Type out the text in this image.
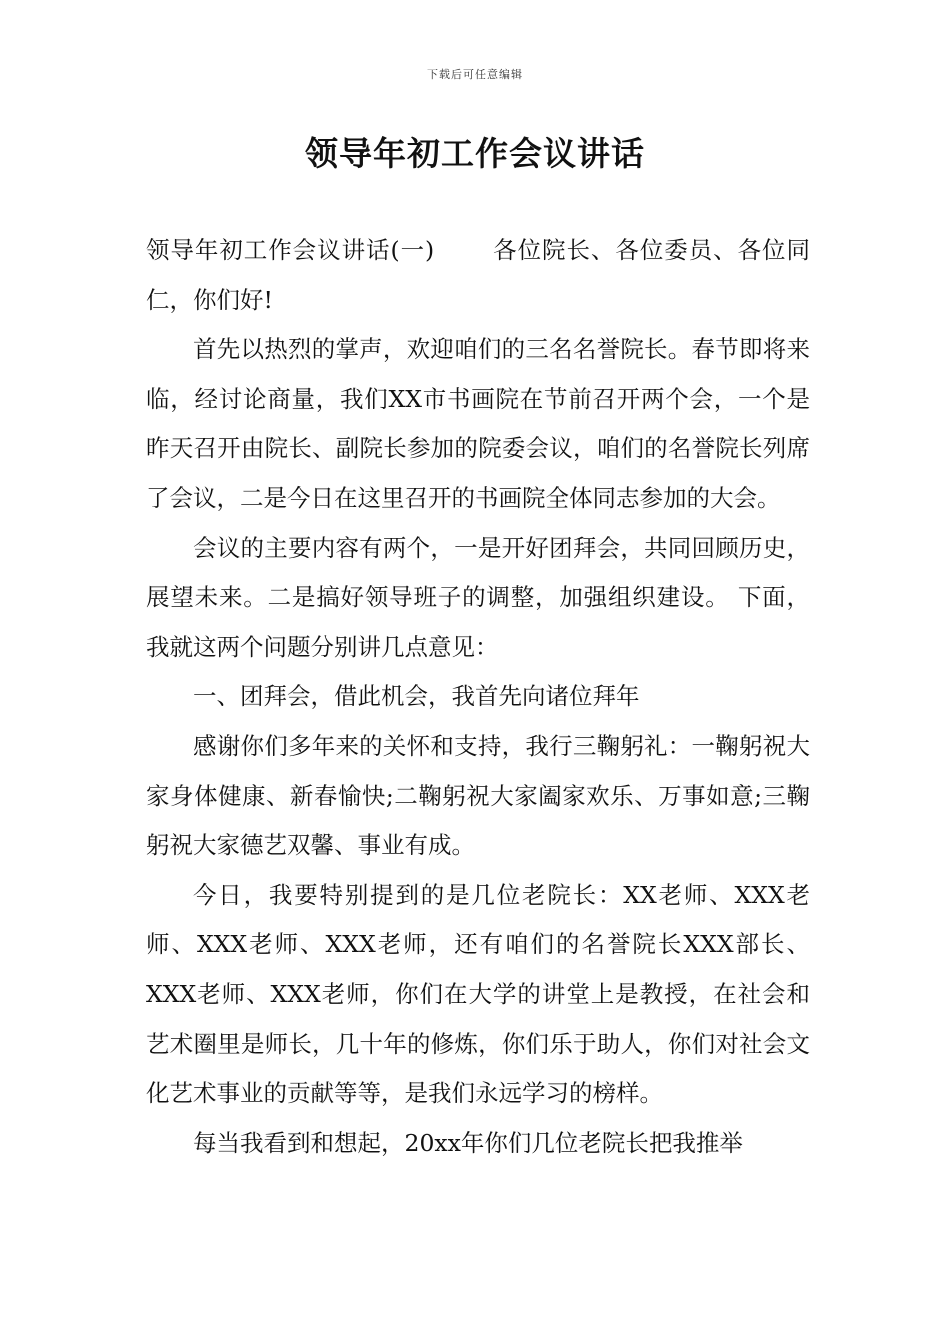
下载后可任意编辑
领导年初工作会议讲话

领导年初工作会议讲话(一) 各位院长、各位委员、各位同仁，你们好!

首先以热烈的掌声，欢迎咱们的三名名誉院长。春节即将来临，经讨论商量，我们XX市书画院在节前召开两个会，一个是昨天召开由院长、副院长参加的院委会议，咱们的名誉院长列席了会议，二是今日在这里召开的书画院全体同志参加的大会。

会议的主要内容有两个，一是开好团拜会，共同回顾历史，展望未来。二是搞好领导班子的调整，加强组织建设。 下面，我就这两个问题分别讲几点意见：

一、团拜会，借此机会，我首先向诸位拜年

感谢你们多年来的关怀和支持，我行三鞠躬礼：一鞠躬祝大家身体健康、新春愉快;二鞠躬祝大家阖家欢乐、万事如意;三鞠躬祝大家德艺双馨、事业有成。

今日，我要特别提到的是几位老院长：XX老师、XXX老师、XXX老师、XXX老师，还有咱们的名誉院长XXX部长、XXX老师、XXX老师，你们在大学的讲堂上是教授，在社会和艺术圈里是师长，几十年的修炼，你们乐于助人，你们对社会文化艺术事业的贡献等等，是我们永远学习的榜样。

每当我看到和想起，20xx年你们几位老院长把我推举
